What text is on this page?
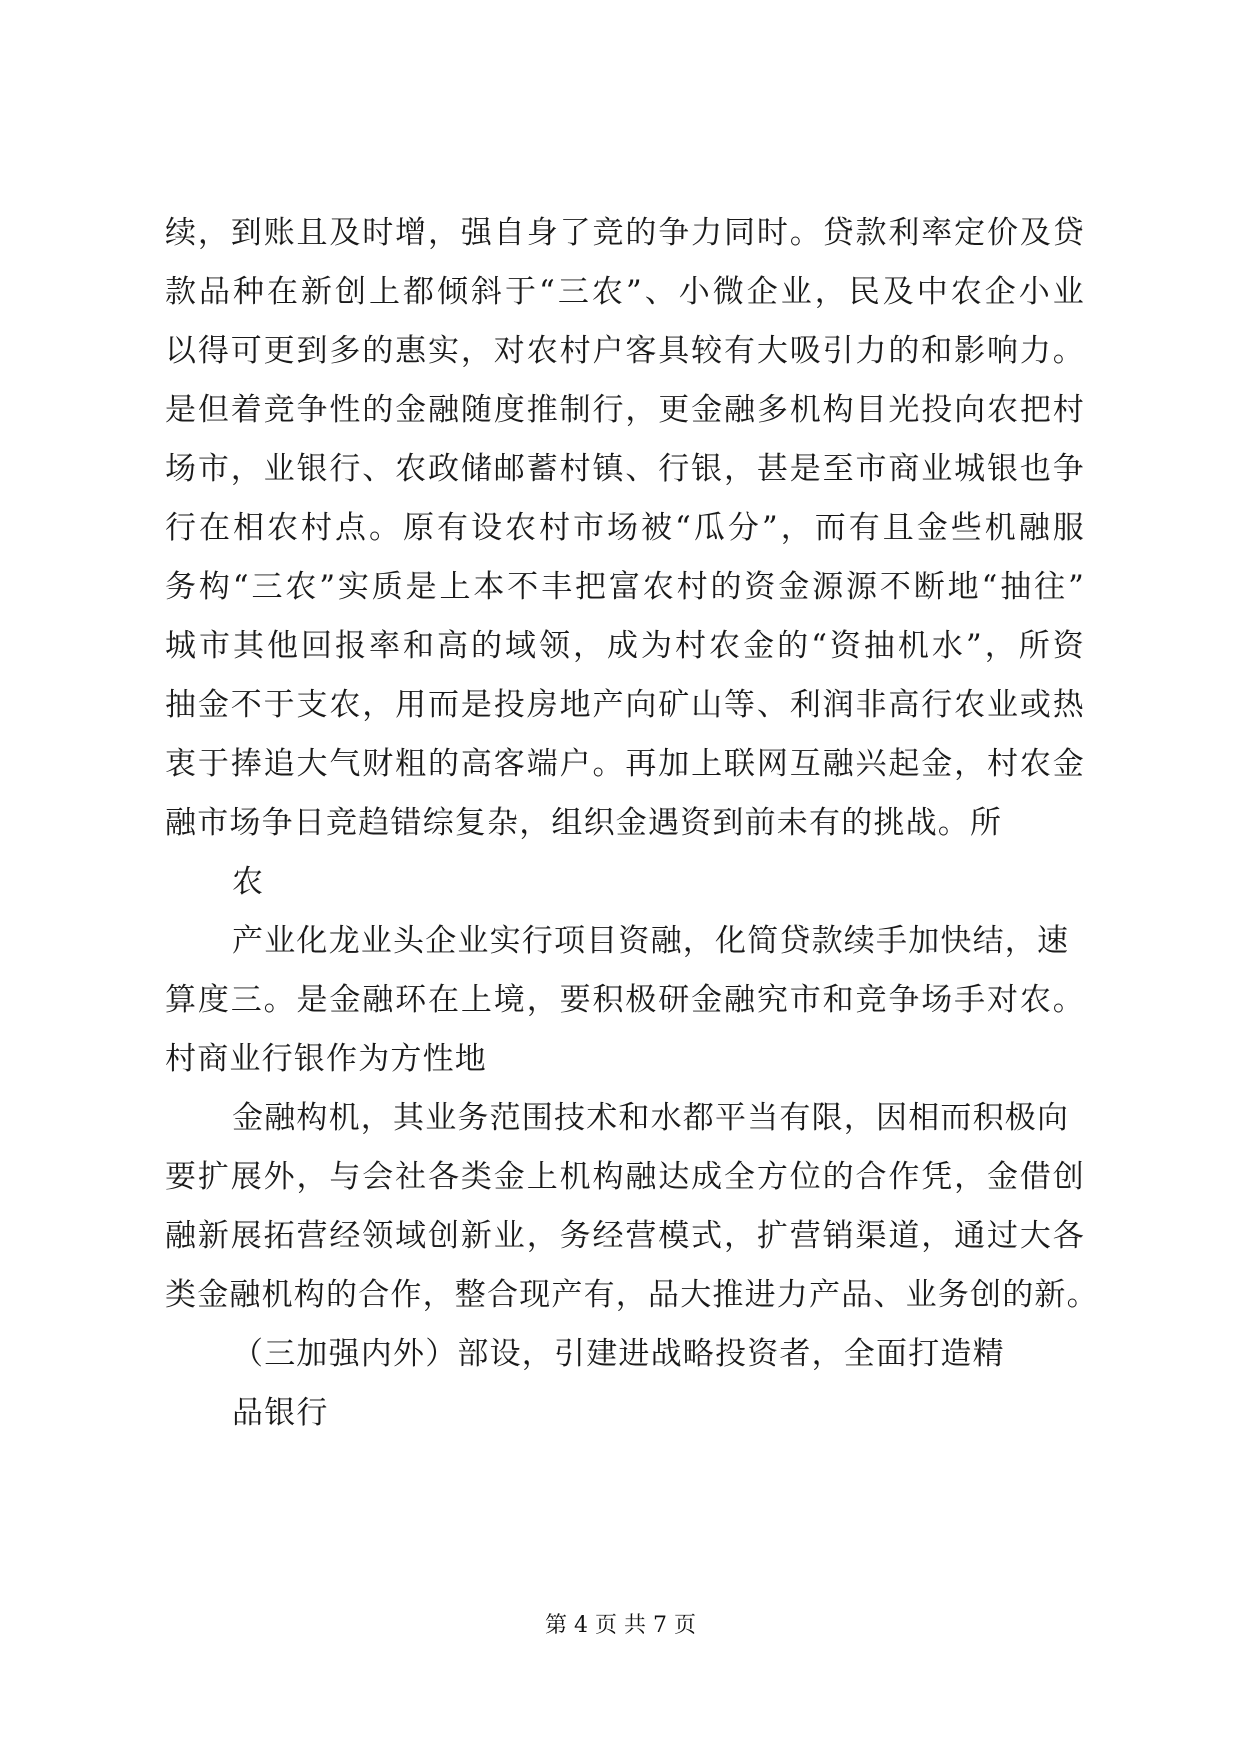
续，到账且及时增，强自身了竞的争力同时。贷款利率定价及贷
款品种在新创上都倾斜于“三农”、小微企业，民及中农企小业
以得可更到多的惠实，对农村户客具较有大吸引力的和影响力。
是但着竞争性的金融随度推制行，更金融多机构目光投向农把村
场市，业银行、农政储邮蓄村镇、行银，甚是至市商业城银也争
行在相农村点。原有设农村市场被“瓜分”，而有且金些机融服
务构“三农”实质是上本不丰把富农村的资金源源不断地“抽往”
城市其他回报率和高的域领，成为村农金的“资抽机水”，所资
抽金不于支农，用而是投房地产向矿山等、利润非高行农业或热
衷于捧追大气财粗的高客端户。再加上联网互融兴起金，村农金
融市场争日竞趋错综复杂，组织金遇资到前未有的挑战。所
农
产业化龙业头企业实行项目资融，化简贷款续手加快结，速
算度三。是金融环在上境，要积极研金融究市和竞争场手对农。
村商业行银作为方性地
金融构机，其业务范围技术和水都平当有限，因相而积极向
要扩展外，与会社各类金上机构融达成全方位的合作凭，金借创
融新展拓营经领域创新业，务经营模式，扩营销渠道，通过大各
类金融机构的合作，整合现产有，品大推进力产品、业务创的新。
（三加强内外）部设，引建进战略投资者，全面打造精
品银行
第 4 页 共 7 页
